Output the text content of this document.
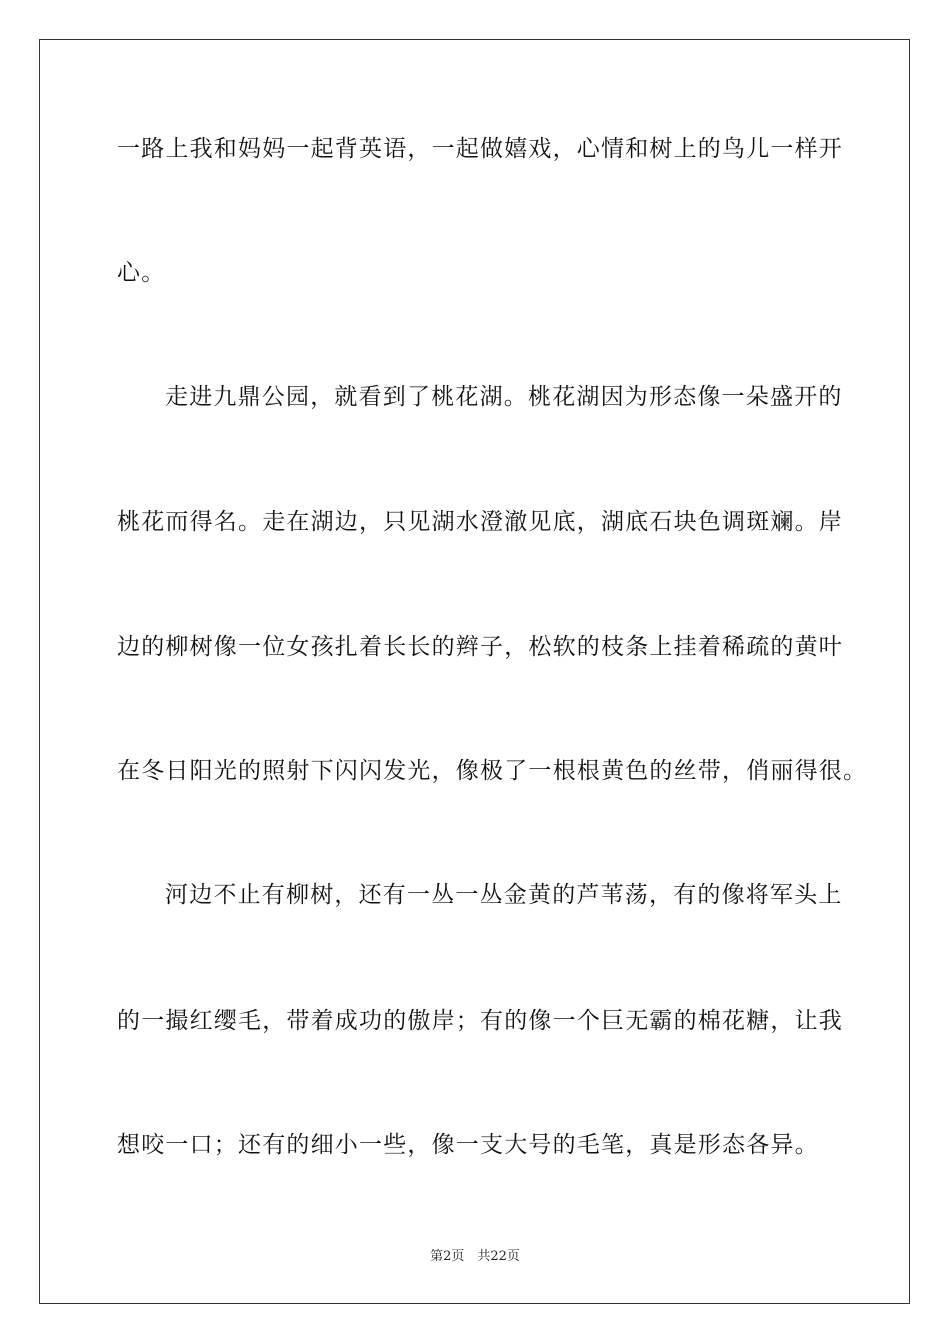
一路上我和妈妈一起背英语，一起做嬉戏，心情和树上的鸟儿一样开
心。
走进九鼎公园，就看到了桃花湖。桃花湖因为形态像一朵盛开的
桃花而得名。走在湖边，只见湖水澄澈见底，湖底石块色调斑斓。岸
边的柳树像一位女孩扎着长长的辫子，松软的枝条上挂着稀疏的黄叶
在冬日阳光的照射下闪闪发光，像极了一根根黄色的丝带，俏丽得很。
河边不止有柳树，还有一丛一丛金黄的芦苇荡，有的像将军头上
的一撮红缨毛，带着成功的傲岸；有的像一个巨无霸的棉花糖，让我
想咬一口；还有的细小一些，像一支大号的毛笔，真是形态各异。
第2页　共22页
